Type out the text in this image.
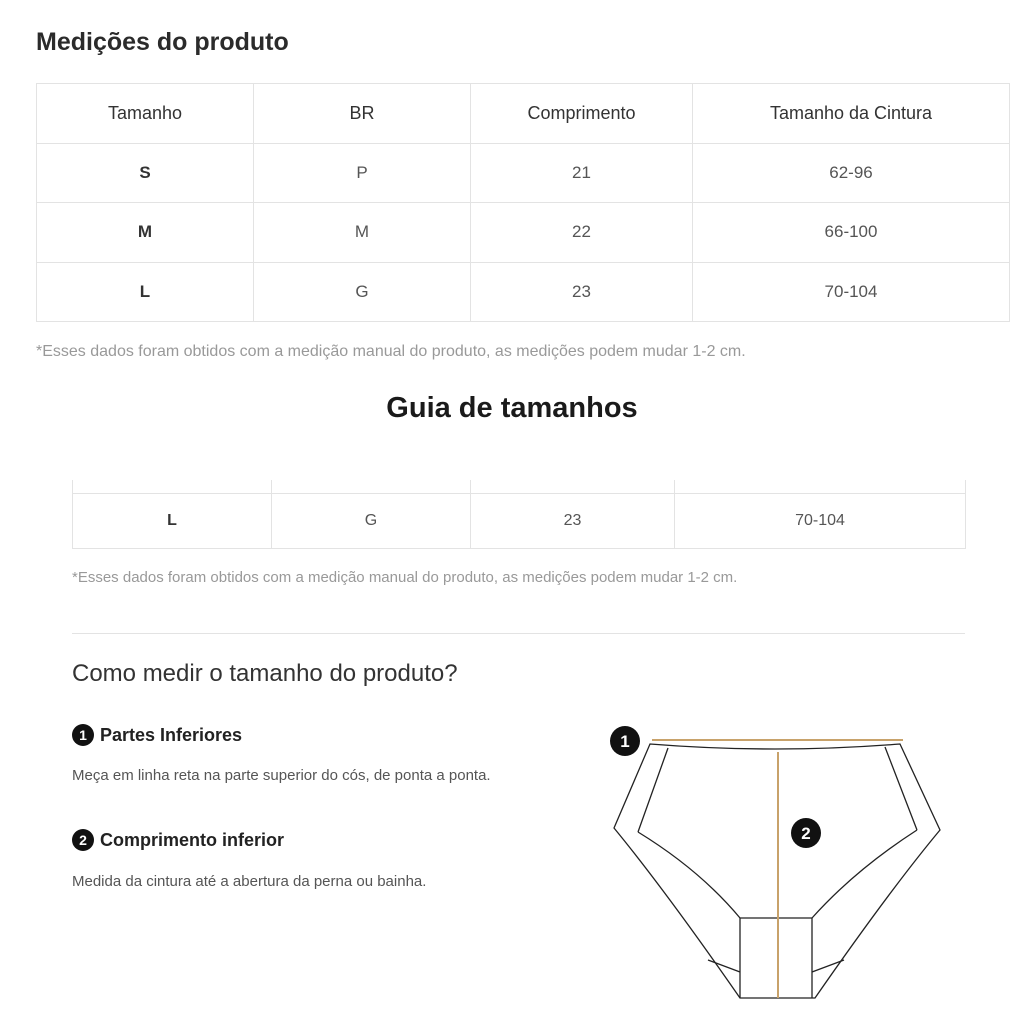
Medições do produto
Tamanho	BR	Comprimento	Tamanho da Cintura
S	P	21	62-96
M	M	22	66-100
L	G	23	70-104

*Esses dados foram obtidos com a medição manual do produto, as medições podem mudar 1-2 cm.

Guia de tamanhos

L	G	23	70-104

*Esses dados foram obtidos com a medição manual do produto, as medições podem mudar 1-2 cm.

Como medir o tamanho do produto?
1 Partes Inferiores

Meça em linha reta na parte superior do cós, de ponta a ponta.

2 Comprimento inferior

Medida da cintura até a abertura da perna ou bainha.

1
2
